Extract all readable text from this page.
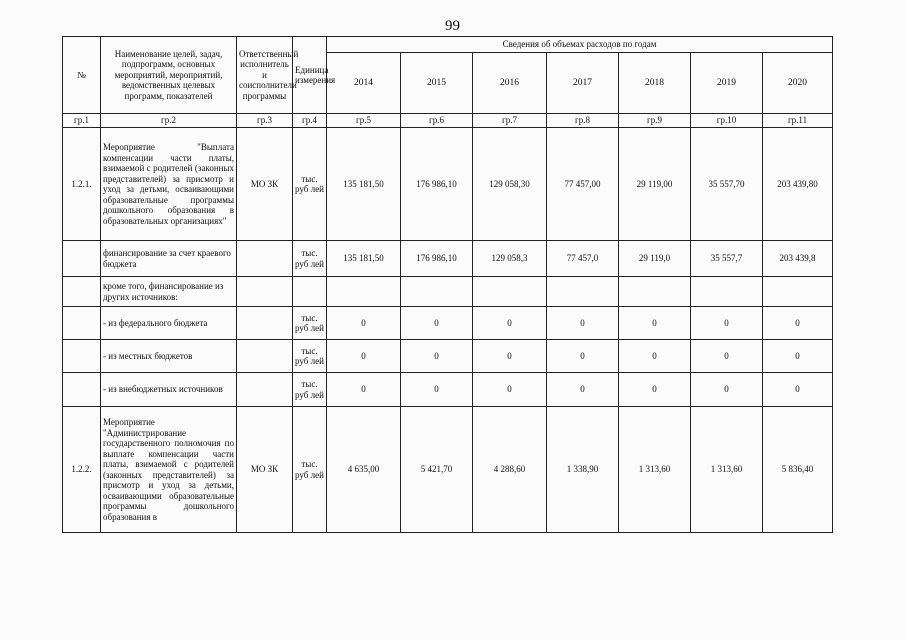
99
№	Наименование целей, задач, подпрограмм, основных мероприятий, мероприятий, ведомственных целевых программ, показателей	Ответственный исполнитель и соисполнители программы	Единица измерения	Сведения об объемах расходов по годам						
				2014	2015	2016	2017	2018	2019	2020
гр.1	гр.2	гр.3	гр.4	гр.5	гр.6	гр.7	гр.8	гр.9	гр.10	гр.11
1.2.1.	Мероприятие "Выплата компенсации части платы, взимаемой с родителей (законных представителей) за присмотр и уход за детьми, осваивающими образовательные программы дошкольного образования в образовательных организациях"	МО ЗК	тыс. руб лей	135 181,50	176 986,10	129 058,30	77 457,00	29 119,00	35 557,70	203 439,80
	финансирование за счет краевого бюджета		тыс. руб лей	135 181,50	176 986,10	129 058,3	77 457,0	29 119,0	35 557,7	203 439,8
	кроме того, финансирование из других источников:									
	- из федерального бюджета		тыс. руб лей	0	0	0	0	0	0	0
	- из местных бюджетов		тыс. руб лей	0	0	0	0	0	0	0
	- из внебюджетных источников		тыс. руб лей	0	0	0	0	0	0	0
1.2.2.	Мероприятие "Администрирование государственного полномочия по выплате компенсации части платы, взимаемой с родителей (законных представителей) за присмотр и уход за детьми, осваивающими образовательные программы дошкольного образования в	МО ЗК	тыс. руб лей	4 635,00	5 421,70	4 288,60	1 338,90	1 313,60	1 313,60	5 836,40
